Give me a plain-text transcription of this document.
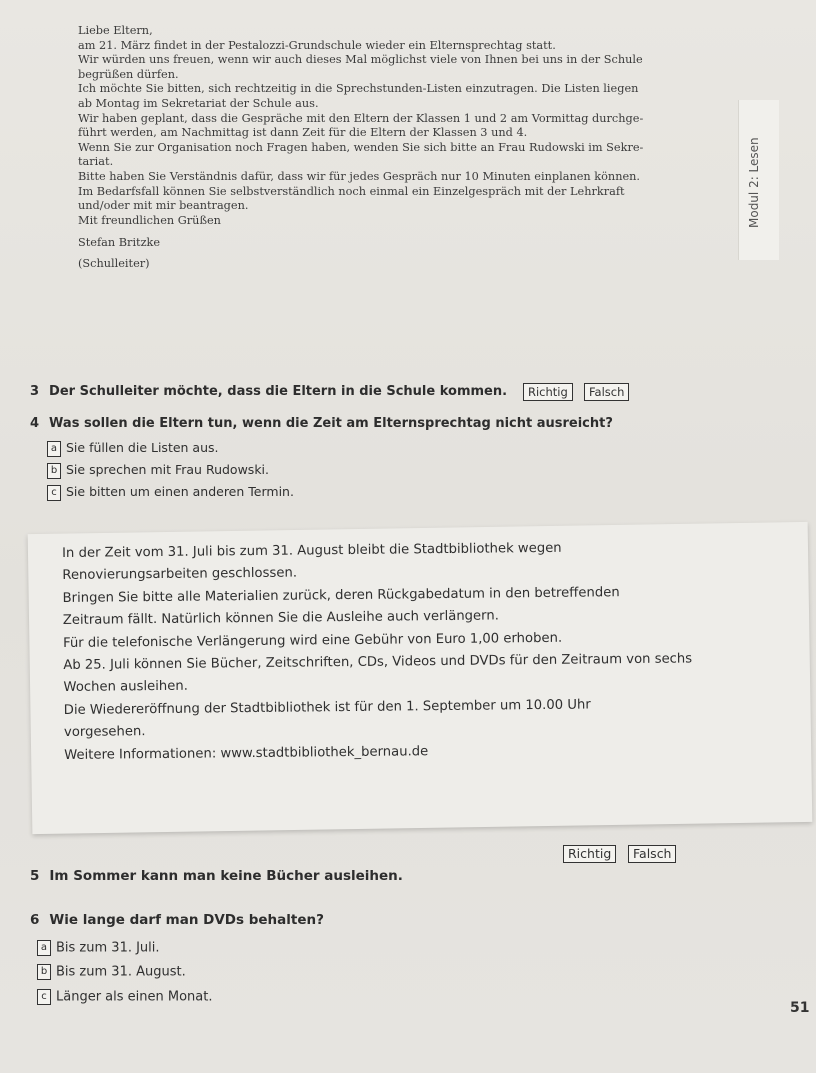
Liebe Eltern,

am 21. März findet in der Pestalozzi-Grundschule wieder ein Elternsprechtag statt.

Wir würden uns freuen, wenn wir auch dieses Mal möglichst viele von Ihnen bei uns in der Schule

begrüßen dürfen.

Ich möchte Sie bitten, sich rechtzeitig in die Sprechstunden-Listen einzutragen. Die Listen liegen

ab Montag im Sekretariat der Schule aus.

Wir haben geplant, dass die Gespräche mit den Eltern der Klassen 1 und 2 am Vormittag durchge-

führt werden, am Nachmittag ist dann Zeit für die Eltern der Klassen 3 und 4.

Wenn Sie zur Organisation noch Fragen haben, wenden Sie sich bitte an Frau Rudowski im Sekre-

tariat.

Bitte haben Sie Verständnis dafür, dass wir für jedes Gespräch nur 10 Minuten einplanen können.

Im Bedarfsfall können Sie selbstverständlich noch einmal ein Einzelgespräch mit der Lehrkraft

und/oder mit mir beantragen.

Mit freundlichen Grüßen

Stefan Britzke

(Schulleiter)

Modul 2: Lesen
3 Der Schulleiter möchte, dass die Eltern in die Schule kommen.	Richtig	Falsch
4 Was sollen die Eltern tun, wenn die Zeit am Elternsprechtag nicht ausreicht?
a Sie füllen die Listen aus.
b Sie sprechen mit Frau Rudowski.
c Sie bitten um einen anderen Termin.

In der Zeit vom 31. Juli bis zum 31. August bleibt die Stadtbibliothek wegen

Renovierungsarbeiten geschlossen.

Bringen Sie bitte alle Materialien zurück, deren Rückgabedatum in den betreffenden

Zeitraum fällt. Natürlich können Sie die Ausleihe auch verlängern.

Für die telefonische Verlängerung wird eine Gebühr von Euro 1,00 erhoben.

Ab 25. Juli können Sie Bücher, Zeitschriften, CDs, Videos und DVDs für den Zeitraum von sechs

Wochen ausleihen.

Die Wiedereröffnung der Stadtbibliothek ist für den 1. September um 10.00 Uhr

vorgesehen.

Weitere Informationen: www.stadtbibliothek_bernau.de

5 Im Sommer kann man keine Bücher ausleihen.
Richtig	Falsch
6 Wie lange darf man DVDs behalten?
a Bis zum 31. Juli.
b Bis zum 31. August.
c Länger als einen Monat.
51
